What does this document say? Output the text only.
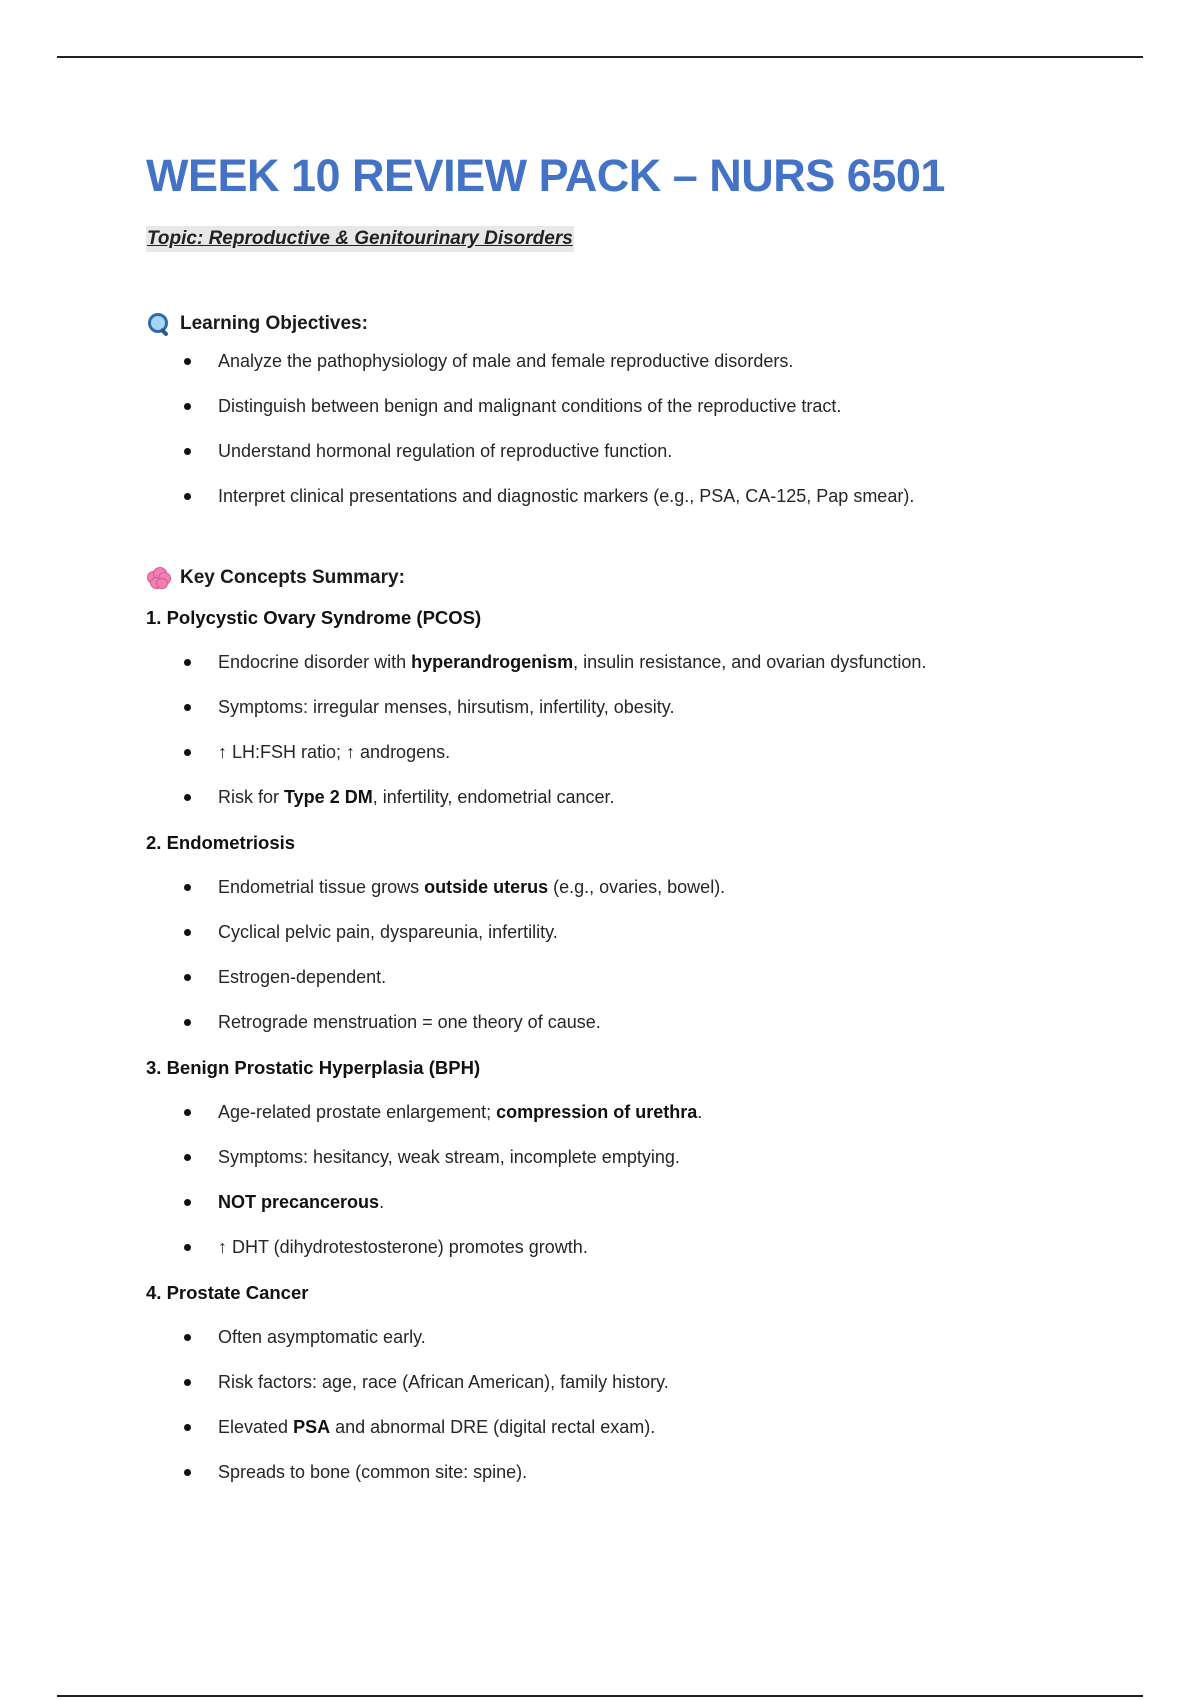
WEEK 10 REVIEW PACK – NURS 6501
Topic: Reproductive & Genitourinary Disorders
Learning Objectives:
Analyze the pathophysiology of male and female reproductive disorders.
Distinguish between benign and malignant conditions of the reproductive tract.
Understand hormonal regulation of reproductive function.
Interpret clinical presentations and diagnostic markers (e.g., PSA, CA-125, Pap smear).
Key Concepts Summary:
1. Polycystic Ovary Syndrome (PCOS)
Endocrine disorder with hyperandrogenism, insulin resistance, and ovarian dysfunction.
Symptoms: irregular menses, hirsutism, infertility, obesity.
↑ LH:FSH ratio; ↑ androgens.
Risk for Type 2 DM, infertility, endometrial cancer.
2. Endometriosis
Endometrial tissue grows outside uterus (e.g., ovaries, bowel).
Cyclical pelvic pain, dyspareunia, infertility.
Estrogen-dependent.
Retrograde menstruation = one theory of cause.
3. Benign Prostatic Hyperplasia (BPH)
Age-related prostate enlargement; compression of urethra.
Symptoms: hesitancy, weak stream, incomplete emptying.
NOT precancerous.
↑ DHT (dihydrotestosterone) promotes growth.
4. Prostate Cancer
Often asymptomatic early.
Risk factors: age, race (African American), family history.
Elevated PSA and abnormal DRE (digital rectal exam).
Spreads to bone (common site: spine).
